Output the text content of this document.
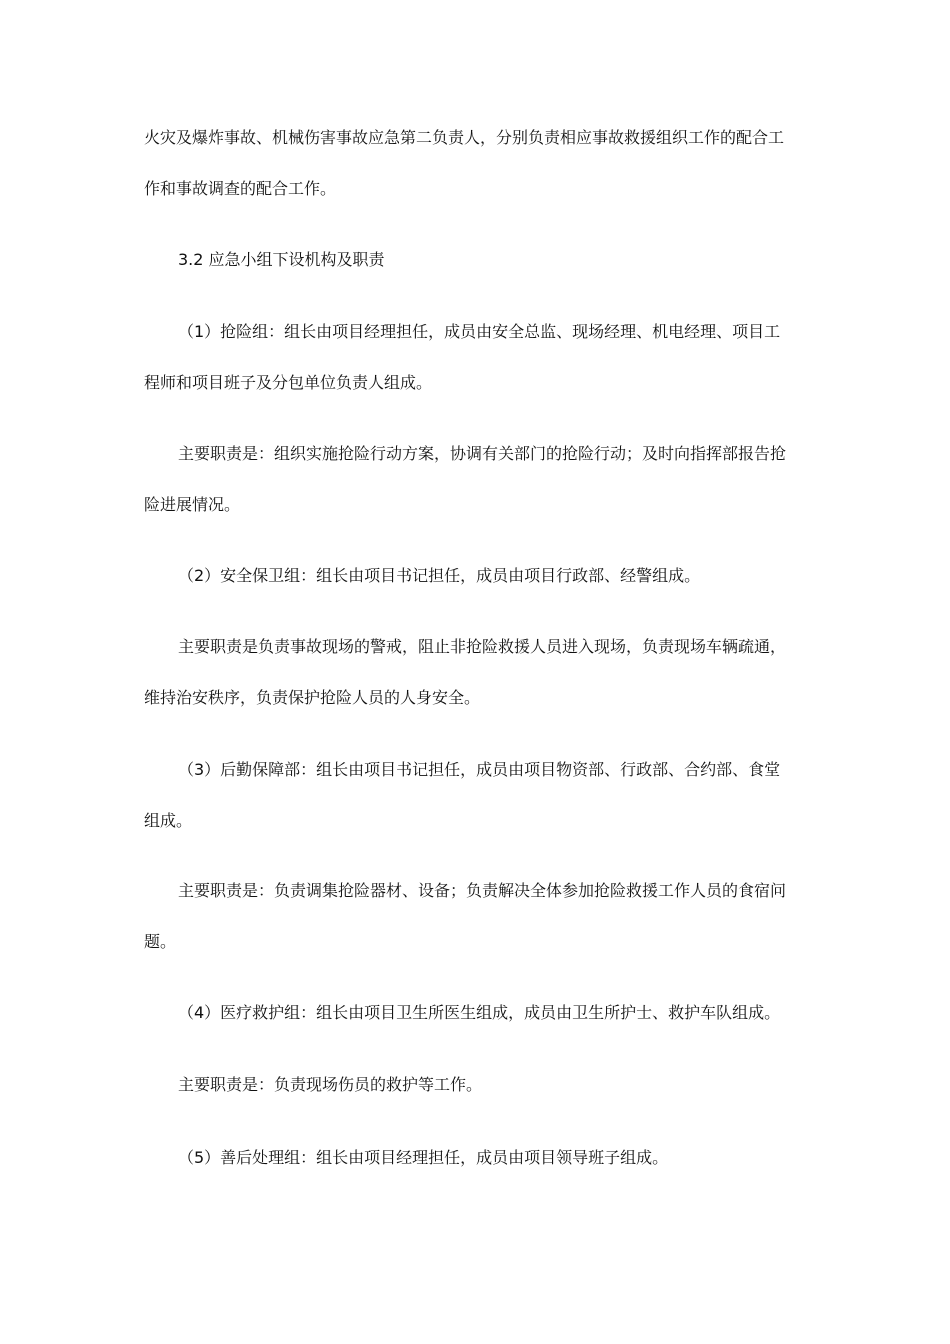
火灾及爆炸事故、机械伤害事故应急第二负责人，分别负责相应事故救援组织工作的配合工
作和事故调查的配合工作。
3.2 应急小组下设机构及职责
（1）抢险组：组长由项目经理担任，成员由安全总监、现场经理、机电经理、项目工
程师和项目班子及分包单位负责人组成。
主要职责是：组织实施抢险行动方案，协调有关部门的抢险行动；及时向指挥部报告抢
险进展情况。
（2）安全保卫组：组长由项目书记担任，成员由项目行政部、经警组成。
主要职责是负责事故现场的警戒，阻止非抢险救援人员进入现场，负责现场车辆疏通，
维持治安秩序，负责保护抢险人员的人身安全。
（3）后勤保障部：组长由项目书记担任，成员由项目物资部、行政部、合约部、食堂
组成。
主要职责是：负责调集抢险器材、设备；负责解决全体参加抢险救援工作人员的食宿问
题。
（4）医疗救护组：组长由项目卫生所医生组成，成员由卫生所护士、救护车队组成。
主要职责是：负责现场伤员的救护等工作。
（5）善后处理组：组长由项目经理担任，成员由项目领导班子组成。
